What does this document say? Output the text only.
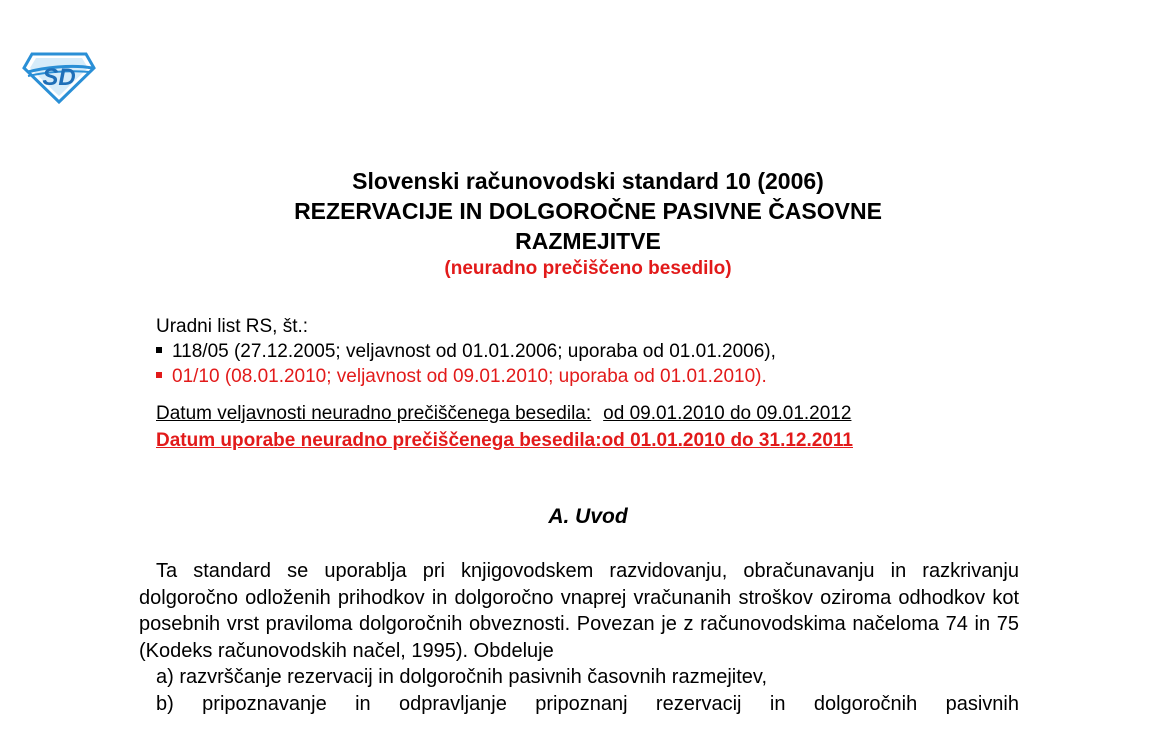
SD

Slovenski računovodski standard 10 (2006)

REZERVACIJE IN DOLGOROČNE PASIVNE ČASOVNE

RAZMEJITVE

(neuradno prečiščeno besedilo)

Uradni list RS, št.:
118/05 (27.12.2005; veljavnost od 01.01.2006; uporaba od 01.01.2006),
01/10 (08.01.2010; veljavnost od 09.01.2010; uporaba od 01.01.2010).
Datum veljavnosti neuradno prečiščenega besedila: od 09.01.2010 do 09.01.2012
Datum uporabe neuradno prečiščenega besedila:od 01.01.2010 do 31.12.2011
A. Uvod

Ta standard se uporablja pri knjigovodskem razvidovanju, obračunavanju in razkrivanju dolgoročno odloženih prihodkov in dolgoročno vnaprej vračunanih stroškov oziroma odhodkov kot posebnih vrst praviloma dolgoročnih obveznosti. Povezan je z računovodskima načeloma 74 in 75 (Kodeks računovodskih načel, 1995). Obdeluje

a) razvrščanje rezervacij in dolgoročnih pasivnih časovnih razmejitev,

b) pripoznavanje in odpravljanje pripoznanj rezervacij in dolgoročnih pasivnih
